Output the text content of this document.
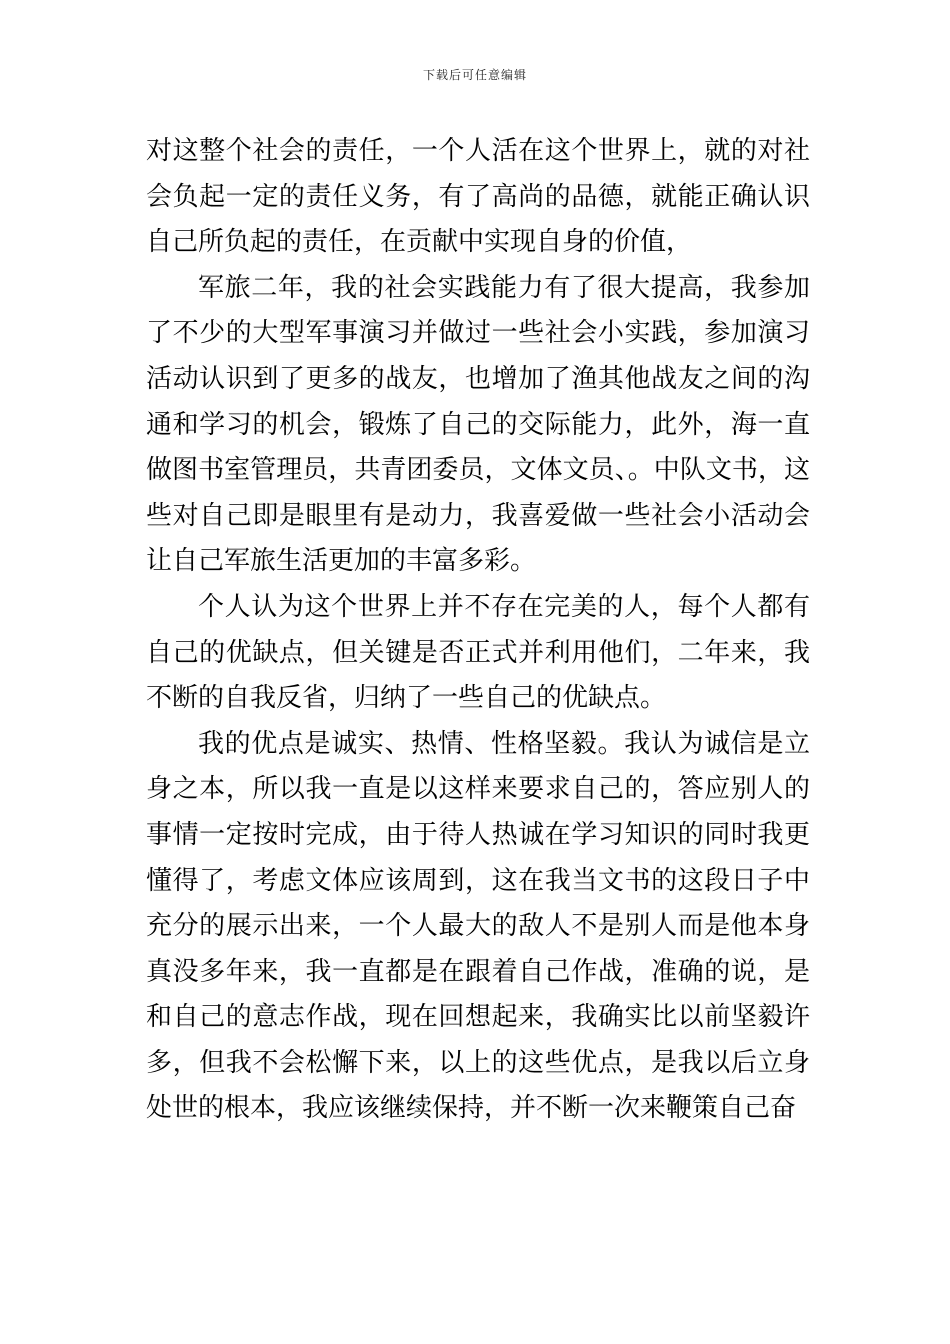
下载后可任意编辑

对这整个社会的责任，一个人活在这个世界上，就的对社会负起一定的责任义务，有了高尚的品德，就能正确认识自己所负起的责任，在贡献中实现自身的价值，

军旅二年，我的社会实践能力有了很大提高，我参加了不少的大型军事演习并做过一些社会小实践，参加演习活动认识到了更多的战友，也增加了渔其他战友之间的沟通和学习的机会，锻炼了自己的交际能力，此外，海一直做图书室管理员，共青团委员，文体文员、。中队文书，这些对自己即是眼里有是动力，我喜爱做一些社会小活动会让自己军旅生活更加的丰富多彩。

个人认为这个世界上并不存在完美的人，每个人都有自己的优缺点，但关键是否正式并利用他们，二年来，我不断的自我反省，归纳了一些自己的优缺点。

我的优点是诚实、热情、性格坚毅。我认为诚信是立身之本，所以我一直是以这样来要求自己的，答应别人的事情一定按时完成，由于待人热诚在学习知识的同时我更懂得了，考虑文体应该周到，这在我当文书的这段日子中充分的展示出来，一个人最大的敌人不是别人而是他本身真没多年来，我一直都是在跟着自己作战，准确的说，是和自己的意志作战，现在回想起来，我确实比以前坚毅许多，但我不会松懈下来，以上的这些优点，是我以后立身处世的根本，我应该继续保持，并不断一次来鞭策自己奋
